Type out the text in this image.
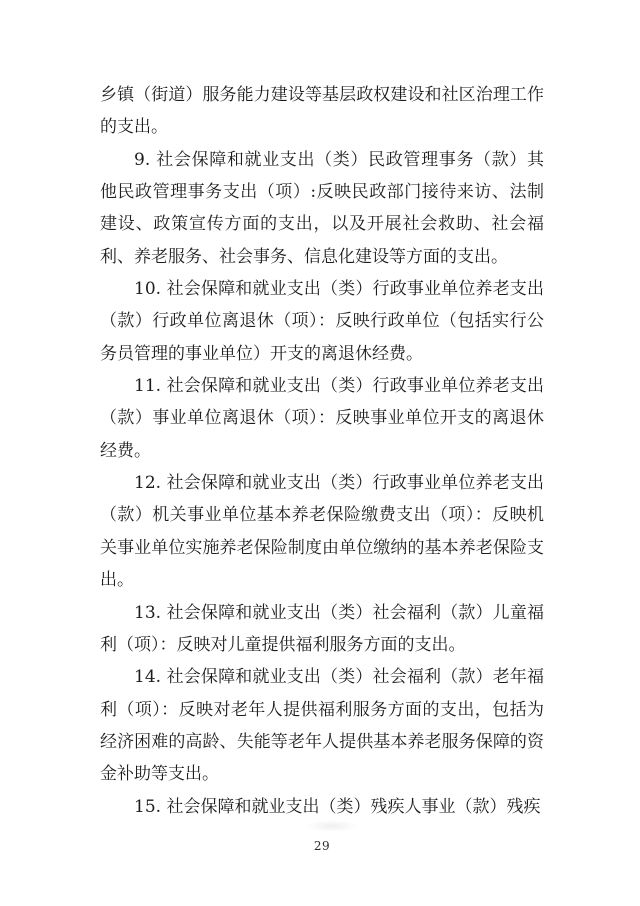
乡镇（街道）服务能力建设等基层政权建设和社区治理工作的支出。

9. 社会保障和就业支出（类）民政管理事务（款）其他民政管理事务支出（项）:反映民政部门接待来访、法制建设、政策宣传方面的支出，以及开展社会救助、社会福利、养老服务、社会事务、信息化建设等方面的支出。

10. 社会保障和就业支出（类）行政事业单位养老支出（款）行政单位离退休（项）：反映行政单位（包括实行公务员管理的事业单位）开支的离退休经费。

11. 社会保障和就业支出（类）行政事业单位养老支出（款）事业单位离退休（项）：反映事业单位开支的离退休经费。

12. 社会保障和就业支出（类）行政事业单位养老支出（款）机关事业单位基本养老保险缴费支出（项）：反映机关事业单位实施养老保险制度由单位缴纳的基本养老保险支出。

13. 社会保障和就业支出（类）社会福利（款）儿童福利（项）：反映对儿童提供福利服务方面的支出。

14. 社会保障和就业支出（类）社会福利（款）老年福利（项）：反映对老年人提供福利服务方面的支出，包括为经济困难的高龄、失能等老年人提供基本养老服务保障的资金补助等支出。

15. 社会保障和就业支出（类）残疾人事业（款）残疾

29
